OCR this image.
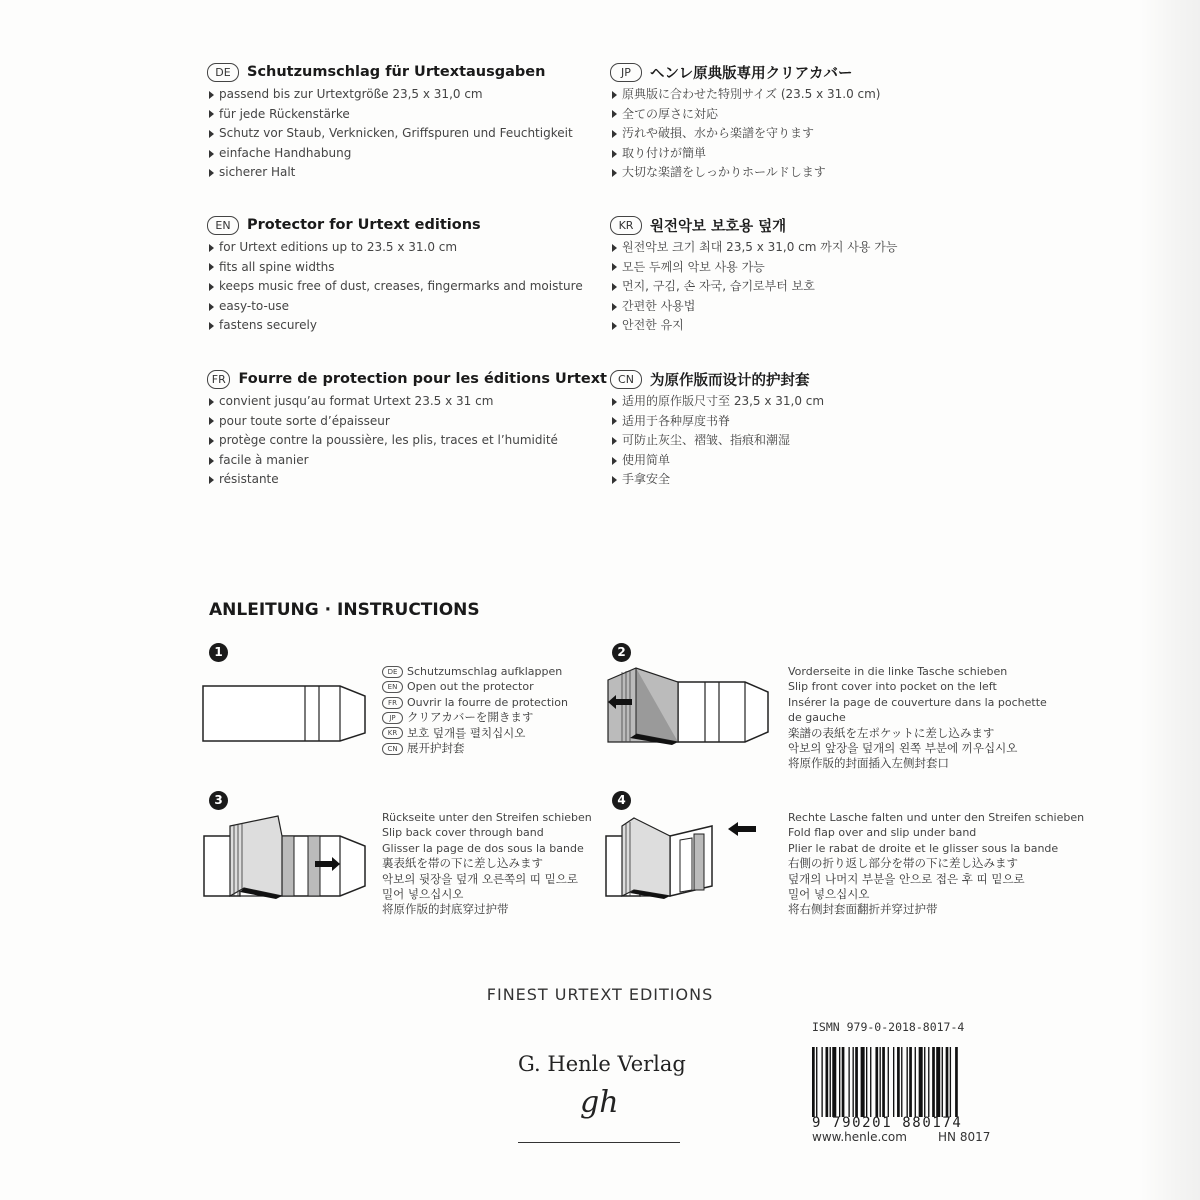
DE	Schutzumschlag für Urtextausgaben
passend bis zur Urtextgröße 23,5 x 31,0 cm
für jede Rückenstärke
Schutz vor Staub, Verknicken, Griffspuren und Feuchtigkeit
einfache Handhabung
sicherer Halt
JP	ヘンレ原典版専用クリアカバー
原典版に合わせた特別サイズ (23.5 x 31.0 cm)
全ての厚さに対応
汚れや破損、水から楽譜を守ります
取り付けが簡単
大切な楽譜をしっかりホールドします
EN	Protector for Urtext editions
for Urtext editions up to 23.5 x 31.0 cm
fits all spine widths
keeps music free of dust, creases, fingermarks and moisture
easy-to-use
fastens securely
KR	원전악보 보호용 덮개
원전악보 크기 최대 23,5 x 31,0 cm 까지 사용 가능
모든 두께의 악보 사용 가능
먼지, 구김, 손 자국, 습기로부터 보호
간편한 사용법
안전한 유지
FR Fourre de protection pour les éditions Urtext
convient jusqu’au format Urtext 23.5 x 31 cm
pour toute sorte d’épaisseur
protège contre la poussière, les plis, traces et l’humidité
facile à manier
résistante
CN	为原作版而设计的护封套
适用的原作版尺寸至 23,5 x 31,0 cm
适用于各种厚度书脊
可防止灰尘、褶皱、指痕和潮湿
使用简单
手拿安全
ANLEITUNG · INSTRUCTIONS
1
DE Schutzumschlag aufklappen
EN Open out the protector
FR Ouvrir la fourre de protection
JP クリアカバーを開きます
KR 보호 덮개를 펼치십시오
CN 展开护封套
2
Vorderseite in die linke Tasche schieben
Slip front cover into pocket on the left
Insérer la page de couverture dans la pochette
de gauche
楽譜の表紙を左ポケットに差し込みます
악보의 앞장을 덮개의 왼쪽 부분에 끼우십시오
将原作版的封面插入左侧封套口
3
Rückseite unter den Streifen schieben
Slip back cover through band
Glisser la page de dos sous la bande
裏表紙を帯の下に差し込みます
악보의 뒷장을 덮개 오른쪽의 띠 밑으로
밀어 넣으십시오
将原作版的封底穿过护带
4
Rechte Lasche falten und unter den Streifen schieben
Fold flap over and slip under band
Plier le rabat de droite et le glisser sous la bande
右側の折り返し部分を帯の下に差し込みます
덮개의 나머지 부분을 안으로 접은 후 띠 밑으로
밀어 넣으십시오
将右侧封套面翻折并穿过护带
FINEST URTEXT EDITIONS
G. Henle Verlag
gh
ISMN 979-0-2018-8017-4
9 790201 880174
www.henle.com	HN 8017
